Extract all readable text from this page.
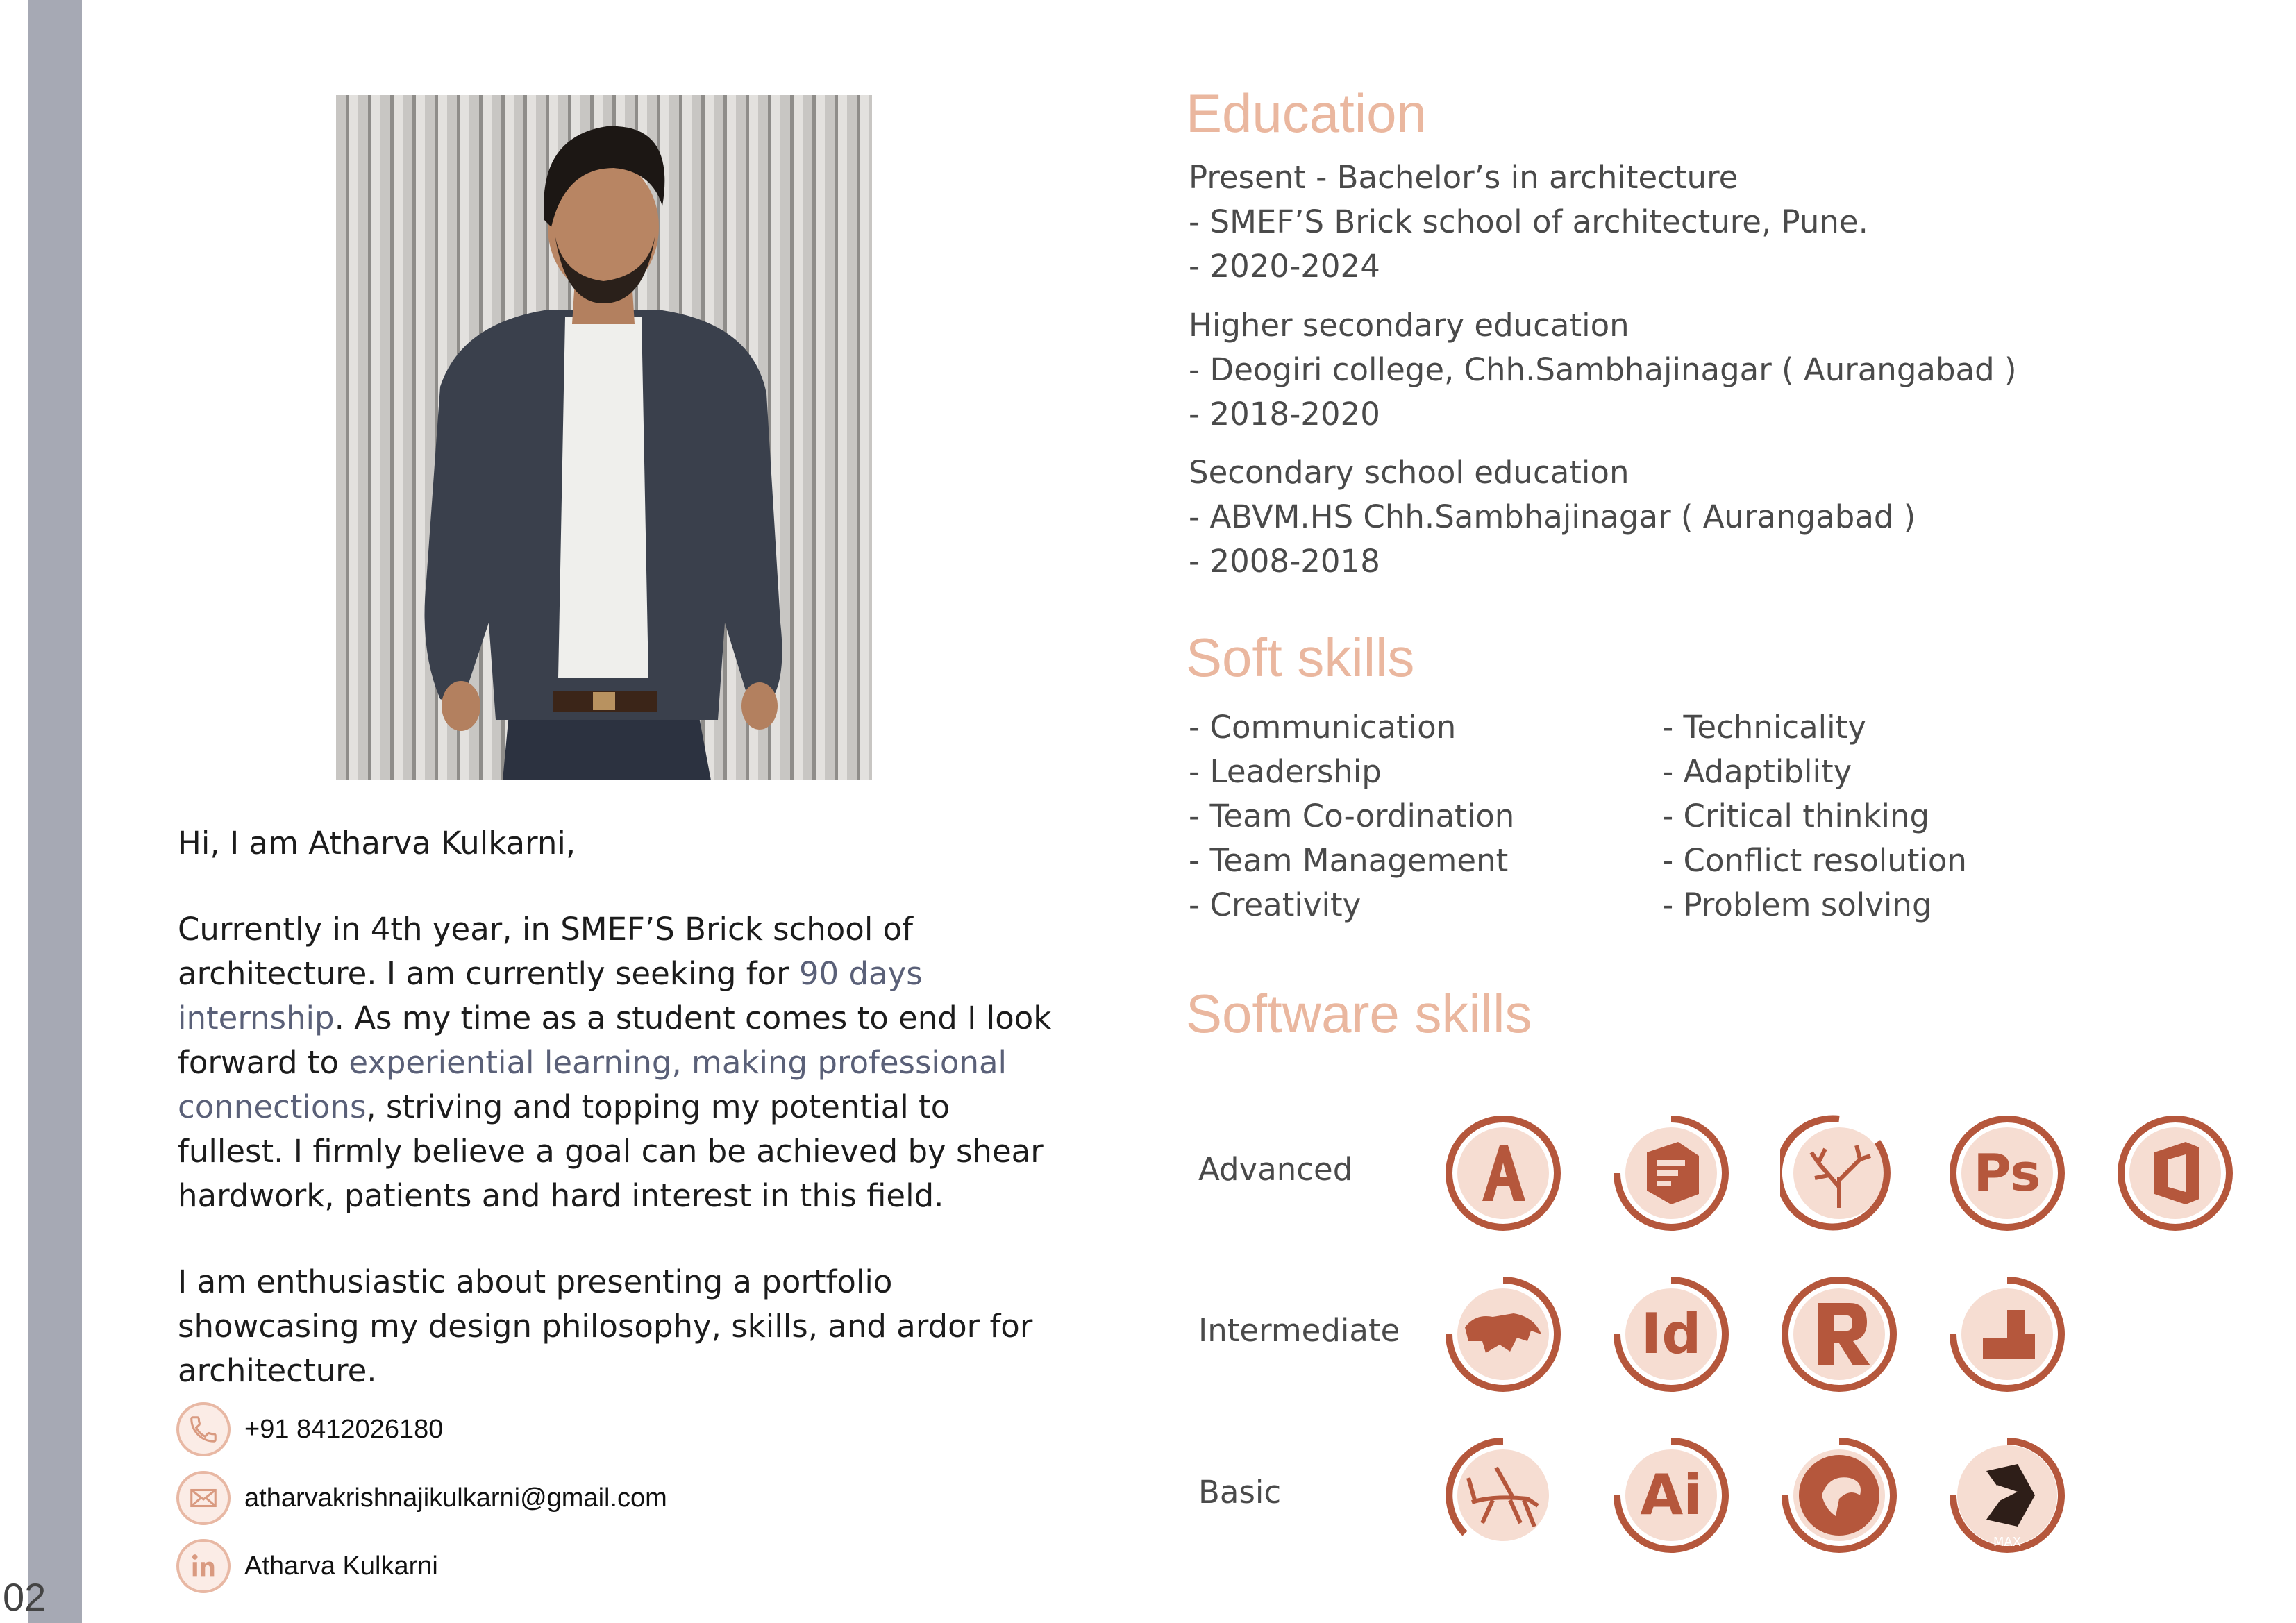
02

Hi, I am Atharva Kulkarni,

Currently in 4th year, in SMEF’S Brick school of architecture. I am currently seeking for 90 days internship. As my time as a student comes to end I look forward to experiential learning, making professional connections, striving and topping my potential to fullest. I firmly believe a goal can be achieved by shear hardwork, patients and hard interest in this field.

I am enthusiastic about presenting a portfolio showcasing my design philosophy, skills, and ardor for architecture.

+91 8412026180
atharvakrishnajikulkarni@gmail.com
Atharva Kulkarni
Education
Present - Bachelor’s in architecture
- SMEF’S Brick school of architecture, Pune.
- 2020-2024
Higher secondary education
- Deogiri college, Chh.Sambhajinagar ( Aurangabad )
- 2018-2020
Secondary school education
- ABVM.HS Chh.Sambhajinagar ( Aurangabad )
- 2008-2018
Soft skills
- Communication
- Leadership
- Team Co-ordination
- Team Management
- Creativity
- Technicality
- Adaptiblity
- Critical thinking
- Conflict resolution
- Problem solving
Software skills
Advanced
Intermediate
Basic
Ps
Id
Ai
MAX
